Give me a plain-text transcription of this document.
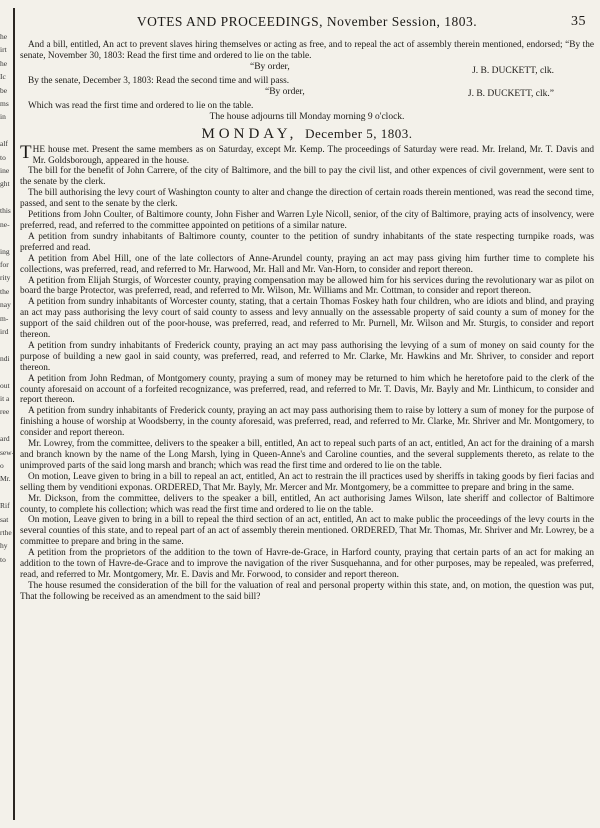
he
irt
he
Ic
be
ms
in

alf
to
ine
ght

this
ne-

ing
for
rity
the
nay
m-
ird

ndi

out
it a
ree

ard
sew-
o
Mr.

Rif
sat
rthe
hy
to
VOTES AND PROCEEDINGS, November Session, 1803.	35

And a bill, entitled, An act to prevent slaves hiring themselves or acting as free, and to repeal the act of assembly therein mentioned, endorsed; “By the senate, November 30, 1803: Read the first time and ordered to lie on the table.

“By order,	J. B. DUCKETT, clk.

By the senate, December 3, 1803: Read the second time and will pass.

“By order,	J. B. DUCKETT, clk.”

Which was read the first time and ordered to lie on the table.

The house adjourns till Monday morning 9 o'clock.
MONDAY, December 5, 1803.

THE house met. Present the same members as on Saturday, except Mr. Kemp. The proceedings of Saturday were read. Mr. Ireland, Mr. T. Davis and Mr. Goldsborough, appeared in the house.

The bill for the benefit of John Carrere, of the city of Baltimore, and the bill to pay the civil list, and other expences of civil government, were sent to the senate by the clerk.

The bill authorising the levy court of Washington county to alter and change the direction of certain roads therein mentioned, was read the second time, passed, and sent to the senate by the clerk.

Petitions from John Coulter, of Baltimore county, John Fisher and Warren Lyle Nicoll, senior, of the city of Baltimore, praying acts of insolvency, were preferred, read, and referred to the committee appointed on petitions of a similar nature.

A petition from sundry inhabitants of Baltimore county, counter to the petition of sundry inhabitants of the state respecting turnpike roads, was preferred and read.

A petition from Abel Hill, one of the late collectors of Anne-Arundel county, praying an act may pass giving him further time to complete his collections, was preferred, read, and referred to Mr. Harwood, Mr. Hall and Mr. Van-Horn, to consider and report thereon.

A petition from Elijah Sturgis, of Worcester county, praying compensation may be allowed him for his services during the revolutionary war as pilot on board the barge Protector, was preferred, read, and referred to Mr. Wilson, Mr. Williams and Mr. Cottman, to consider and report thereon.

A petition from sundry inhabitants of Worcester county, stating, that a certain Thomas Foskey hath four children, who are idiots and blind, and praying an act may pass authorising the levy court of said county to assess and levy annually on the assessable property of said county a sum of money for the support of the said children out of the poor-house, was preferred, read, and referred to Mr. Purnell, Mr. Wilson and Mr. Sturgis, to consider and report thereon.

A petition from sundry inhabitants of Frederick county, praying an act may pass authorising the levying of a sum of money on said county for the purpose of building a new gaol in said county, was preferred, read, and referred to Mr. Clarke, Mr. Hawkins and Mr. Shriver, to consider and report thereon.

A petition from John Redman, of Montgomery county, praying a sum of money may be returned to him which he heretofore paid to the clerk of the county aforesaid on account of a forfeited recognizance, was preferred, read, and referred to Mr. T. Davis, Mr. Bayly and Mr. Linthicum, to consider and report thereon.

A petition from sundry inhabitants of Frederick county, praying an act may pass authorising them to raise by lottery a sum of money for the purpose of finishing a house of worship at Woodsberry, in the county aforesaid, was preferred, read, and referred to Mr. Clarke, Mr. Shriver and Mr. Montgomery, to consider and report thereon.

Mr. Lowrey, from the committee, delivers to the speaker a bill, entitled, An act to repeal such parts of an act, entitled, An act for the draining of a marsh and branch known by the name of the Long Marsh, lying in Queen-Anne's and Caroline counties, and the several supplements thereto, as relate to the unimproved parts of the said long marsh and branch; which was read the first time and ordered to lie on the table.

On motion, Leave given to bring in a bill to repeal an act, entitled, An act to restrain the ill practices used by sheriffs in taking goods by fieri facias and selling them by venditioni exponas. ORDERED, That Mr. Bayly, Mr. Mercer and Mr. Montgomery, be a committee to prepare and bring in the same.

Mr. Dickson, from the committee, delivers to the speaker a bill, entitled, An act authorising James Wilson, late sheriff and collector of Baltimore county, to complete his collection; which was read the first time and ordered to lie on the table.

On motion, Leave given to bring in a bill to repeal the third section of an act, entitled, An act to make public the proceedings of the levy courts in the several counties of this state, and to repeal part of an act of assembly therein mentioned. ORDERED, That Mr. Thomas, Mr. Shriver and Mr. Lowrey, be a committee to prepare and bring in the same.

A petition from the proprietors of the addition to the town of Havre-de-Grace, in Harford county, praying that certain parts of an act for making an addition to the town of Havre-de-Grace and to improve the navigation of the river Susquehanna, and for other purposes, may be repealed, was preferred, read, and referred to Mr. Montgomery, Mr. E. Davis and Mr. Forwood, to consider and report thereon.

The house resumed the consideration of the bill for the valuation of real and personal property within this state, and, on motion, the question was put, That the following be received as an amendment to the said bill?
